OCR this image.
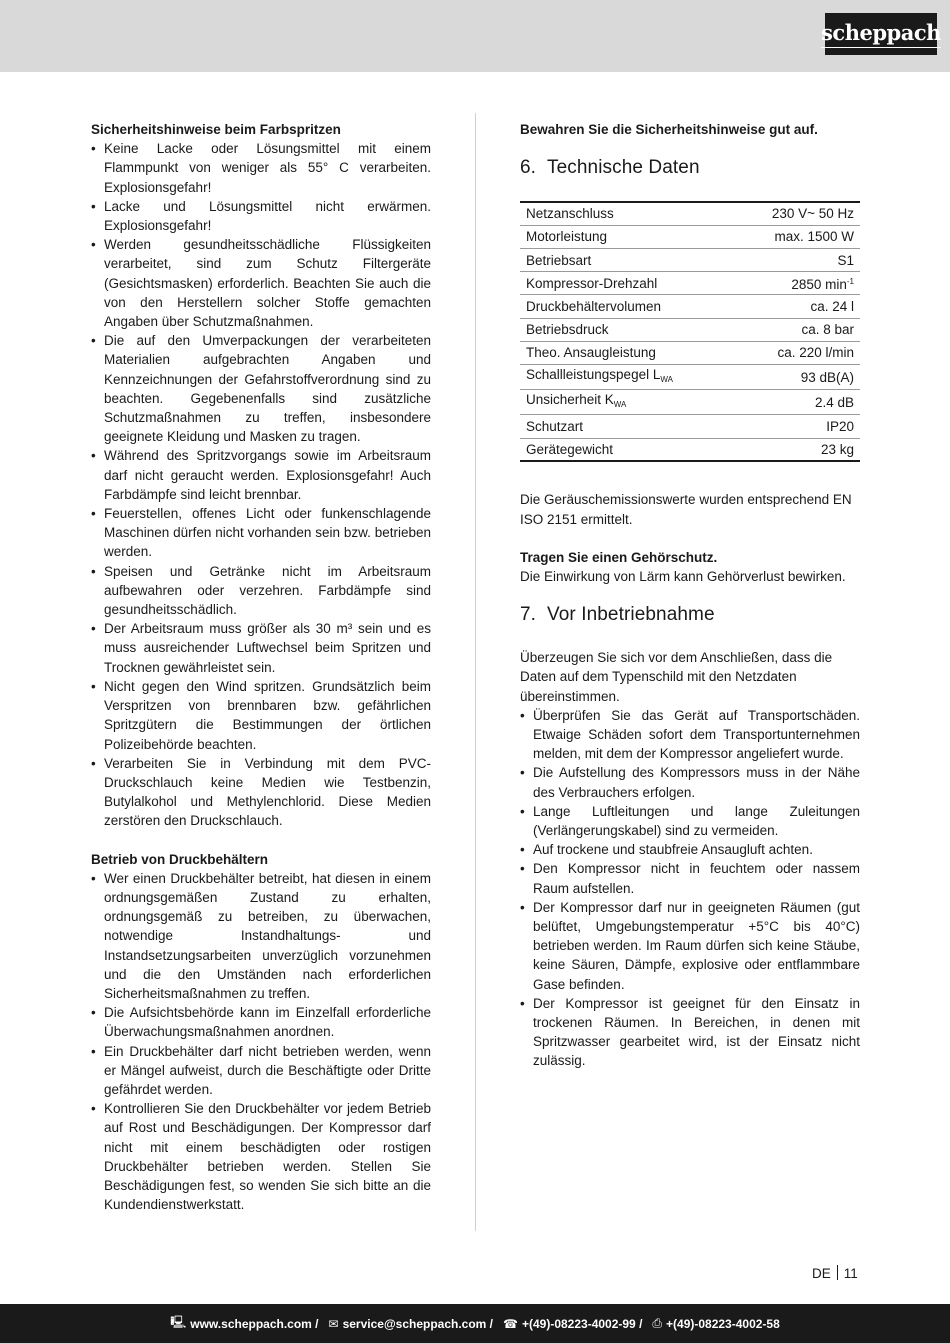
scheppach
Sicherheitshinweise beim Farbspritzen
• Keine Lacke oder Lösungsmittel mit einem Flammpunkt von weniger als 55° C verarbeiten. Explosionsgefahr!
• Lacke und Lösungsmittel nicht erwärmen. Explosionsgefahr!
• Werden gesundheitsschädliche Flüssigkeiten verarbeitet, sind zum Schutz Filtergeräte (Gesichtsmasken) erforderlich. Beachten Sie auch die von den Herstellern solcher Stoffe gemachten Angaben über Schutzmaßnahmen.
• Die auf den Umverpackungen der verarbeiteten Materialien aufgebrachten Angaben und Kennzeichnungen der Gefahrstoffverordnung sind zu beachten. Gegebenenfalls sind zusätzliche Schutzmaßnahmen zu treffen, insbesondere geeignete Kleidung und Masken zu tragen.
• Während des Spritzvorgangs sowie im Arbeitsraum darf nicht geraucht werden. Explosionsgefahr! Auch Farbdämpfe sind leicht brennbar.
• Feuerstellen, offenes Licht oder funkenschlagende Maschinen dürfen nicht vorhanden sein bzw. betrieben werden.
• Speisen und Getränke nicht im Arbeitsraum aufbewahren oder verzehren. Farbdämpfe sind gesundheitsschädlich.
• Der Arbeitsraum muss größer als 30 m³ sein und es muss ausreichender Luftwechsel beim Spritzen und Trocknen gewährleistet sein.
• Nicht gegen den Wind spritzen. Grundsätzlich beim Verspritzen von brennbaren bzw. gefährlichen Spritzgütern die Bestimmungen der örtlichen Polizeibehörde beachten.
• Verarbeiten Sie in Verbindung mit dem PVC-Druckschlauch keine Medien wie Testbenzin, Butylalkohol und Methylenchlorid. Diese Medien zerstören den Druckschlauch.
Betrieb von Druckbehältern
• Wer einen Druckbehälter betreibt, hat diesen in einem ordnungsgemäßen Zustand zu erhalten, ordnungsgemäß zu betreiben, zu überwachen, notwendige Instandhaltungs- und Instandsetzungsarbeiten unverzüglich vorzunehmen und die den Umständen nach erforderlichen Sicherheitsmaßnahmen zu treffen.
• Die Aufsichtsbehörde kann im Einzelfall erforderliche Überwachungsmaßnahmen anordnen.
• Ein Druckbehälter darf nicht betrieben werden, wenn er Mängel aufweist, durch die Beschäftigte oder Dritte gefährdet werden.
• Kontrollieren Sie den Druckbehälter vor jedem Betrieb auf Rost und Beschädigungen. Der Kompressor darf nicht mit einem beschädigten oder rostigen Druckbehälter betrieben werden. Stellen Sie Beschädigungen fest, so wenden Sie sich bitte an die Kundendienstwerkstatt.
Bewahren Sie die Sicherheitshinweise gut auf.
6. Technische Daten
Netzanschluss	230 V~ 50 Hz
Motorleistung	max. 1500 W
Betriebsart	S1
Kompressor-Drehzahl	2850 $\min^{-1}$
Druckbehältervolumen	ca. 24 l
Betriebsdruck	ca. 8 bar
Theo. Ansaugleistung	ca. 220 l/min
Schallleistungspegel $L_{WA}$	93 dB(A)
Unsicherheit $K_{WA}$	2.4 dB
Schutzart	IP20
Gerätegewicht	23 kg
Die Geräuschemissionswerte wurden entsprechend EN ISO 2151 ermittelt.
Tragen Sie einen Gehörschutz.
Die Einwirkung von Lärm kann Gehörverlust bewirken.
7. Vor Inbetriebnahme
Überzeugen Sie sich vor dem Anschließen, dass die Daten auf dem Typenschild mit den Netzdaten übereinstimmen.
• Überprüfen Sie das Gerät auf Transportschäden. Etwaige Schäden sofort dem Transportunternehmen melden, mit dem der Kompressor angeliefert wurde.
• Die Aufstellung des Kompressors muss in der Nähe des Verbrauchers erfolgen.
• Lange Luftleitungen und lange Zuleitungen (Verlängerungskabel) sind zu vermeiden.
• Auf trockene und staubfreie Ansaugluft achten.
• Den Kompressor nicht in feuchtem oder nassem Raum aufstellen.
• Der Kompressor darf nur in geeigneten Räumen (gut belüftet, Umgebungstemperatur +5°C bis 40°C) betrieben werden. Im Raum dürfen sich keine Stäube, keine Säuren, Dämpfe, explosive oder entflammbare Gase befinden.
• Der Kompressor ist geeignet für den Einsatz in trockenen Räumen. In Bereichen, in denen mit Spritzwasser gearbeitet wird, ist der Einsatz nicht zulässig.
DE 11
🖳 www.scheppach.com / ✉ service@scheppach.com / ☎ +(49)-08223-4002-99 / ⎙ +(49)-08223-4002-58
